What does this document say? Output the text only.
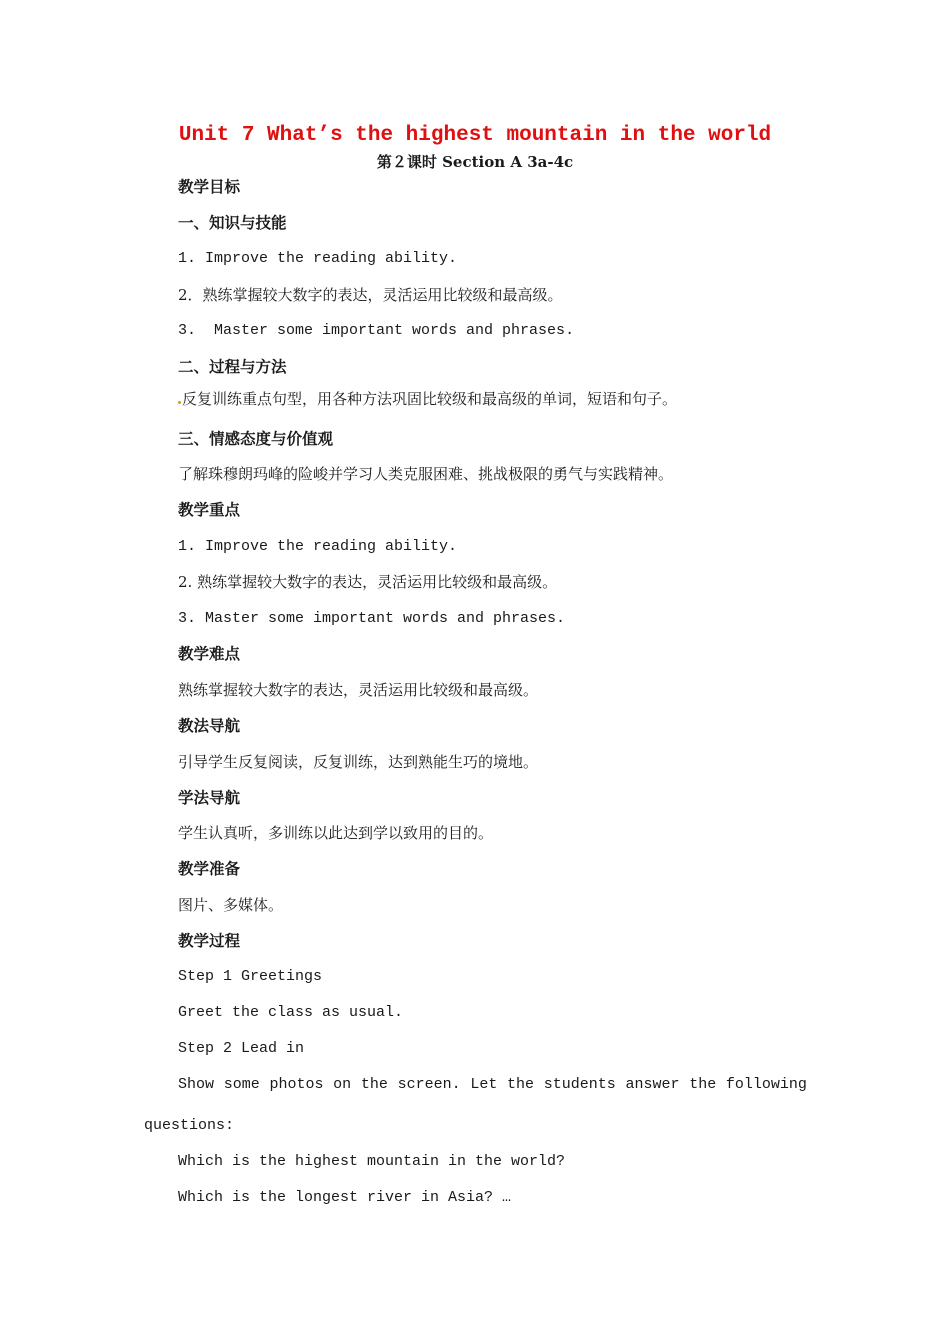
Unit 7 What’s the highest mountain in the world
第２课时 Section A 3a-4c
教学目标
一、知识与技能
1. Improve the reading ability.
2．熟练掌握较大数字的表达，灵活运用比较级和最高级。
3.  Master some important words and phrases.
二、过程与方法
反复训练重点句型，用各种方法巩固比较级和最高级的单词，短语和句子。
三、情感态度与价值观
了解珠穆朗玛峰的险峻并学习人类克服困难、挑战极限的勇气与实践精神。
教学重点
1. Improve the reading ability.
2. 熟练掌握较大数字的表达，灵活运用比较级和最高级。
3. Master some important words and phrases.
教学难点
熟练掌握较大数字的表达，灵活运用比较级和最高级。
教法导航
引导学生反复阅读，反复训练，达到熟能生巧的境地。
学法导航
学生认真听，多训练以此达到学以致用的目的。
教学准备
图片、多媒体。
教学过程
Step 1 Greetings
Greet the class as usual.
Step 2 Lead in
Show some photos on the screen. Let the students answer the following
questions:
Which is the highest mountain in the world?
Which is the longest river in Asia? …
